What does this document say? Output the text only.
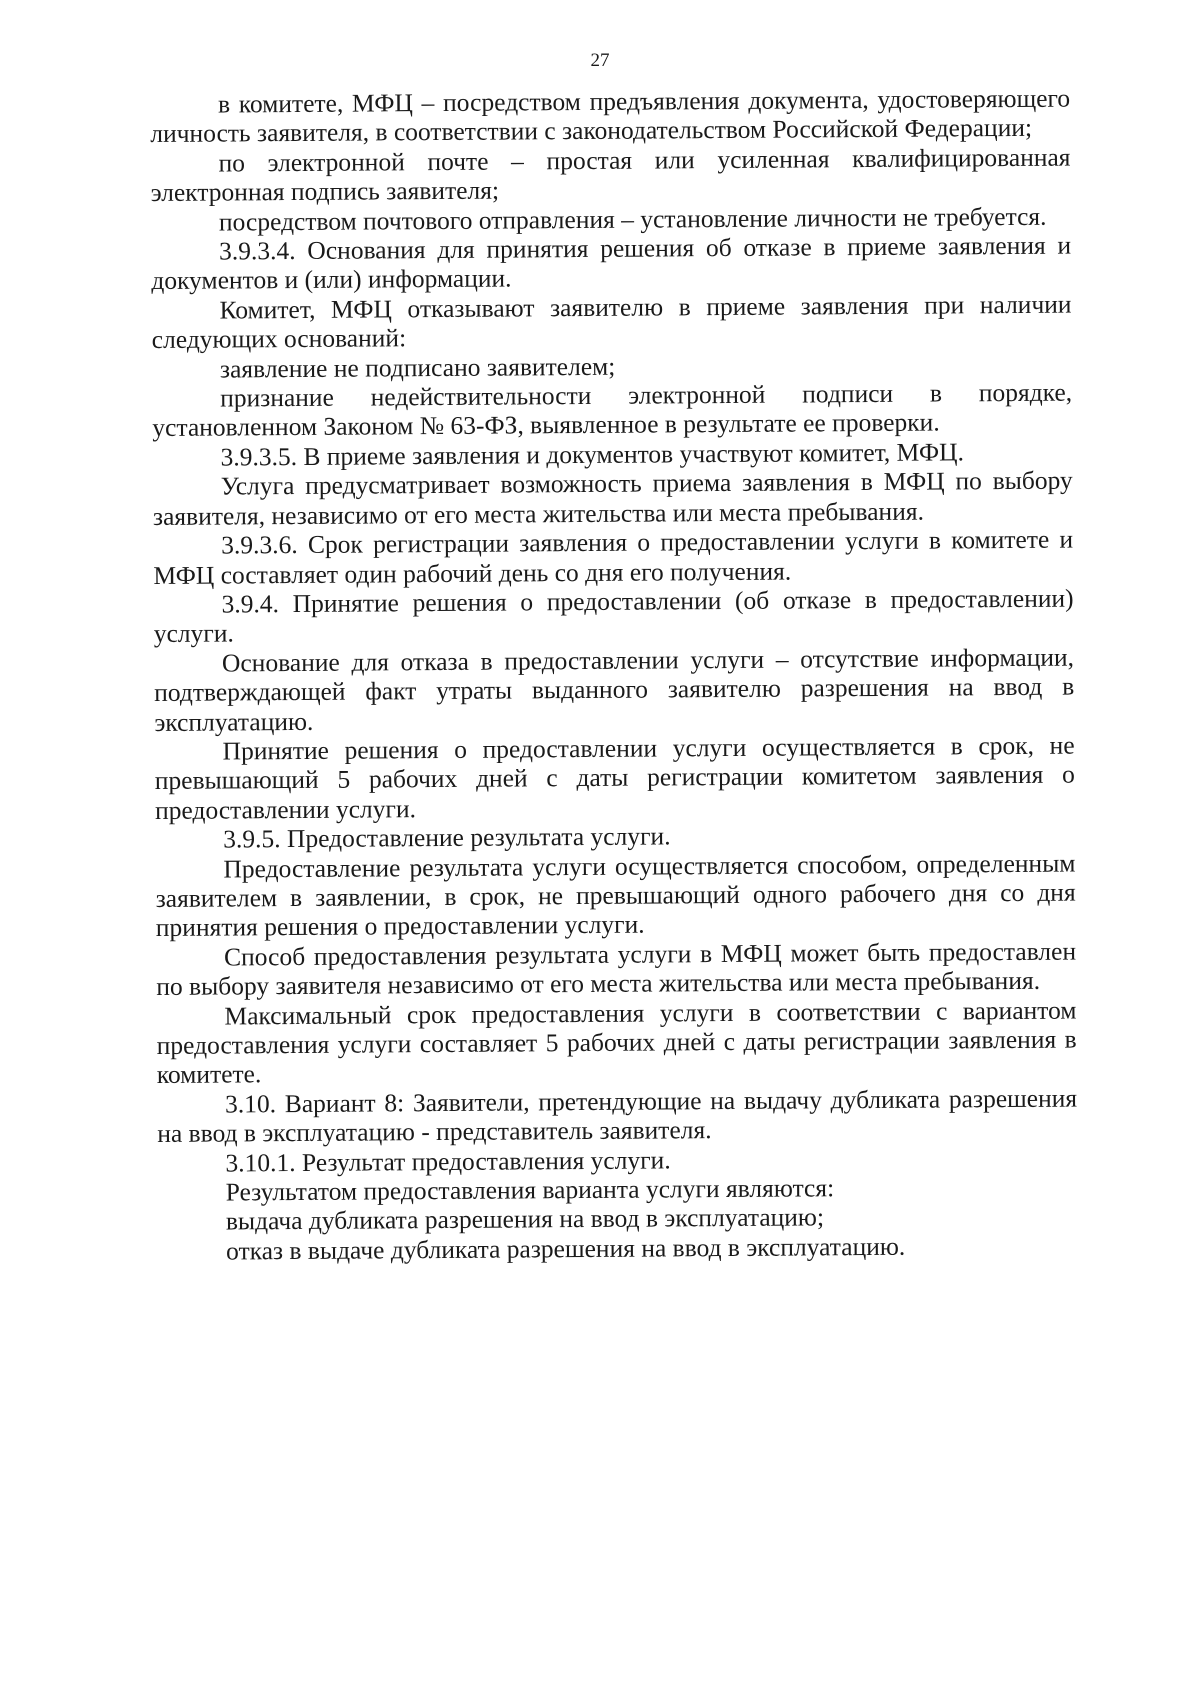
27

в комитете, МФЦ – посредством предъявления документа, удостоверяющего личность заявителя, в соответствии с законодательством Российской Федерации;

по электронной почте – простая или усиленная квалифицированная электронная подпись заявителя;

посредством почтового отправления – установление личности не требуется.

3.9.3.4. Основания для принятия решения об отказе в приеме заявления и документов и (или) информации.

Комитет, МФЦ отказывают заявителю в приеме заявления при наличии следующих оснований:

заявление не подписано заявителем;

признание недействительности электронной подписи в порядке, установленном Законом № 63-ФЗ, выявленное в результате ее проверки.

3.9.3.5. В приеме заявления и документов участвуют комитет, МФЦ.

Услуга предусматривает возможность приема заявления в МФЦ по выбору заявителя, независимо от его места жительства или места пребывания.

3.9.3.6. Срок регистрации заявления о предоставлении услуги в комитете и МФЦ составляет один рабочий день со дня его получения.

3.9.4. Принятие решения о предоставлении (об отказе в предоставлении) услуги.

Основание для отказа в предоставлении услуги – отсутствие информации, подтверждающей факт утраты выданного заявителю разрешения на ввод в эксплуатацию.

Принятие решения о предоставлении услуги осуществляется в срок, не превышающий 5 рабочих дней с даты регистрации комитетом заявления о предоставлении услуги.

3.9.5. Предоставление результата услуги.

Предоставление результата услуги осуществляется способом, определенным заявителем в заявлении, в срок, не превышающий одного рабочего дня со дня принятия решения о предоставлении услуги.

Способ предоставления результата услуги в МФЦ может быть предоставлен по выбору заявителя независимо от его места жительства или места пребывания.

Максимальный срок предоставления услуги в соответствии с вариантом предоставления услуги составляет 5 рабочих дней с даты регистрации заявления в комитете.

3.10. Вариант 8: Заявители, претендующие на выдачу дубликата разрешения на ввод в эксплуатацию - представитель заявителя.

3.10.1. Результат предоставления услуги.

Результатом предоставления варианта услуги являются:

выдача дубликата разрешения на ввод в эксплуатацию;

отказ в выдаче дубликата разрешения на ввод в эксплуатацию.
